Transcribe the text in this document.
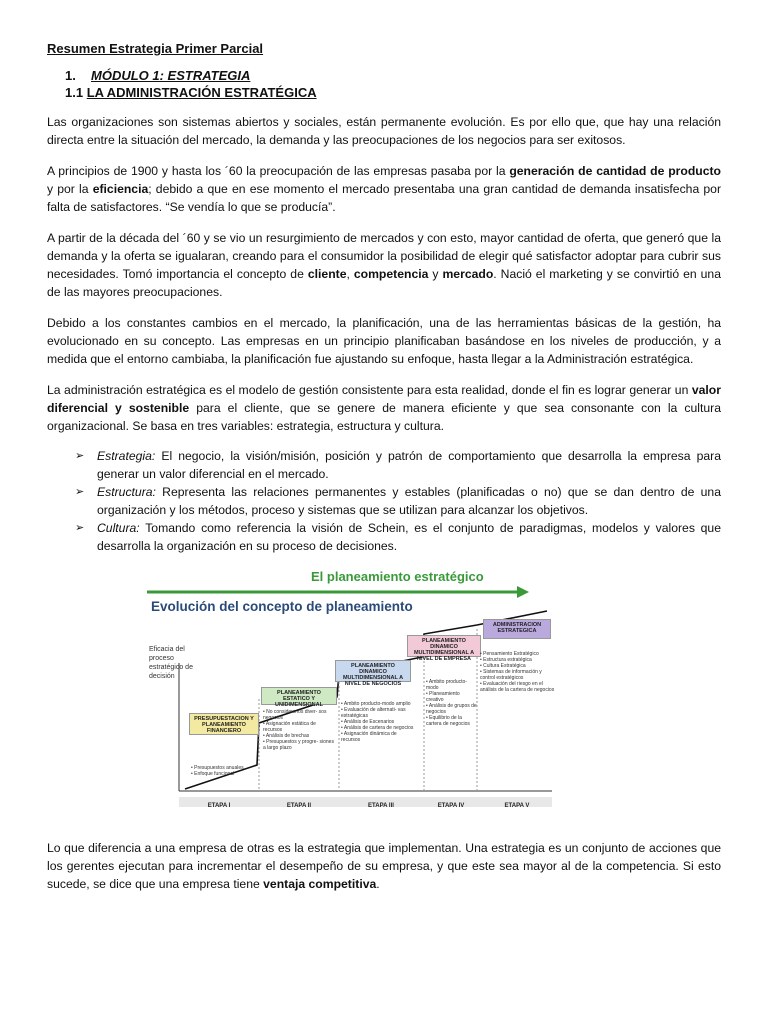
Resumen Estrategia Primer Parcial
1. MÓDULO 1: ESTRATEGIA
1.1 LA ADMINISTRACIÓN ESTRATÉGICA

Las organizaciones son sistemas abiertos y sociales, están permanente evolución. Es por ello que, que hay una relación directa entre la situación del mercado, la demanda y las preocupaciones de los negocios para ser exitosos.

A principios de 1900 y hasta los ´60 la preocupación de las empresas pasaba por la generación de cantidad de producto y por la eficiencia; debido a que en ese momento el mercado presentaba una gran cantidad de demanda insatisfecha por falta de satisfactores. “Se vendía lo que se producía”.

A partir de la década del ´60 y se vio un resurgimiento de mercados y con esto, mayor cantidad de oferta, que generó que la demanda y la oferta se igualaran, creando para el consumidor la posibilidad de elegir qué satisfactor adoptar para cubrir sus necesidades. Tomó importancia el concepto de cliente, competencia y mercado. Nació el marketing y se convirtió en una de las mayores preocupaciones.

Debido a los constantes cambios en el mercado, la planificación, una de las herramientas básicas de la gestión, ha evolucionado en su concepto. Las empresas en un principio planificaban basándose en los niveles de producción, y a medida que el entorno cambiaba, la planificación fue ajustando su enfoque, hasta llegar a la Administración estratégica.

La administración estratégica es el modelo de gestión consistente para esta realidad, donde el fin es lograr generar un valor diferencial y sostenible para el cliente, que se genere de manera eficiente y que sea consonante con la cultura organizacional. Se basa en tres variables: estrategia, estructura y cultura.

➢ Estrategia: El negocio, la visión/misión, posición y patrón de comportamiento que desarrolla la empresa para generar un valor diferencial en el mercado.
➢ Estructura: Representa las relaciones permanentes y estables (planificadas o no) que se dan dentro de una organización y los métodos, proceso y sistemas que se utilizan para alcanzar los objetivos.
➢ Cultura: Tomando como referencia la visión de Schein, es el conjunto de paradigmas, modelos y valores que desarrolla la organización en su proceso de decisiones.
El planeamiento estratégico
Evolución del concepto de planeamiento
Eficacia del proceso estratégico de decisión
PRESUPUESTACION Y PLANEAMIENTO FINANCIERO
PLANEAMIENTO ESTATICO Y UNIDIMENSIONAL
PLANEAMIENTO DINAMICO MULTIDIMENSIONAL A NIVEL DE NEGOCIOS
PLANEAMIENTO DINAMICO MULTIDIMENSIONAL A NIVEL DE EMPRESA
ADMINISTRACION ESTRATEGICA
• Presupuestos anuales
• Enfoque funcional
• No considera los diver- sos negocios
• Asignación estática de recursos
• Análisis de brechas
• Presupuestos y progre- siones a largo plazo
• Ambito producto-modo amplio
• Evaluación de alternati- vas estratégicas
• Análisis de Escenarios
• Análisis de cartera de negocios
• Asignación dinámica de recursos
• Ambito producto-modo
• Planeamiento creativo
• Análisis de grupos de negocios
• Equilibrio de la cartera de negocios
• Pensamiento Estratégico
• Estructura estratégica
• Cultura Estratégica
• Sistemas de información y control estratégicos
• Evaluación del riesgo en el análisis de la cartera de negocios
ETAPA I	ETAPA II	ETAPA III	ETAPA IV	ETAPA V

Lo que diferencia a una empresa de otras es la estrategia que implementan. Una estrategia es un conjunto de acciones que los gerentes ejecutan para incrementar el desempeño de su empresa, y que este sea mayor al de la competencia. Si esto sucede, se dice que una empresa tiene ventaja competitiva.
